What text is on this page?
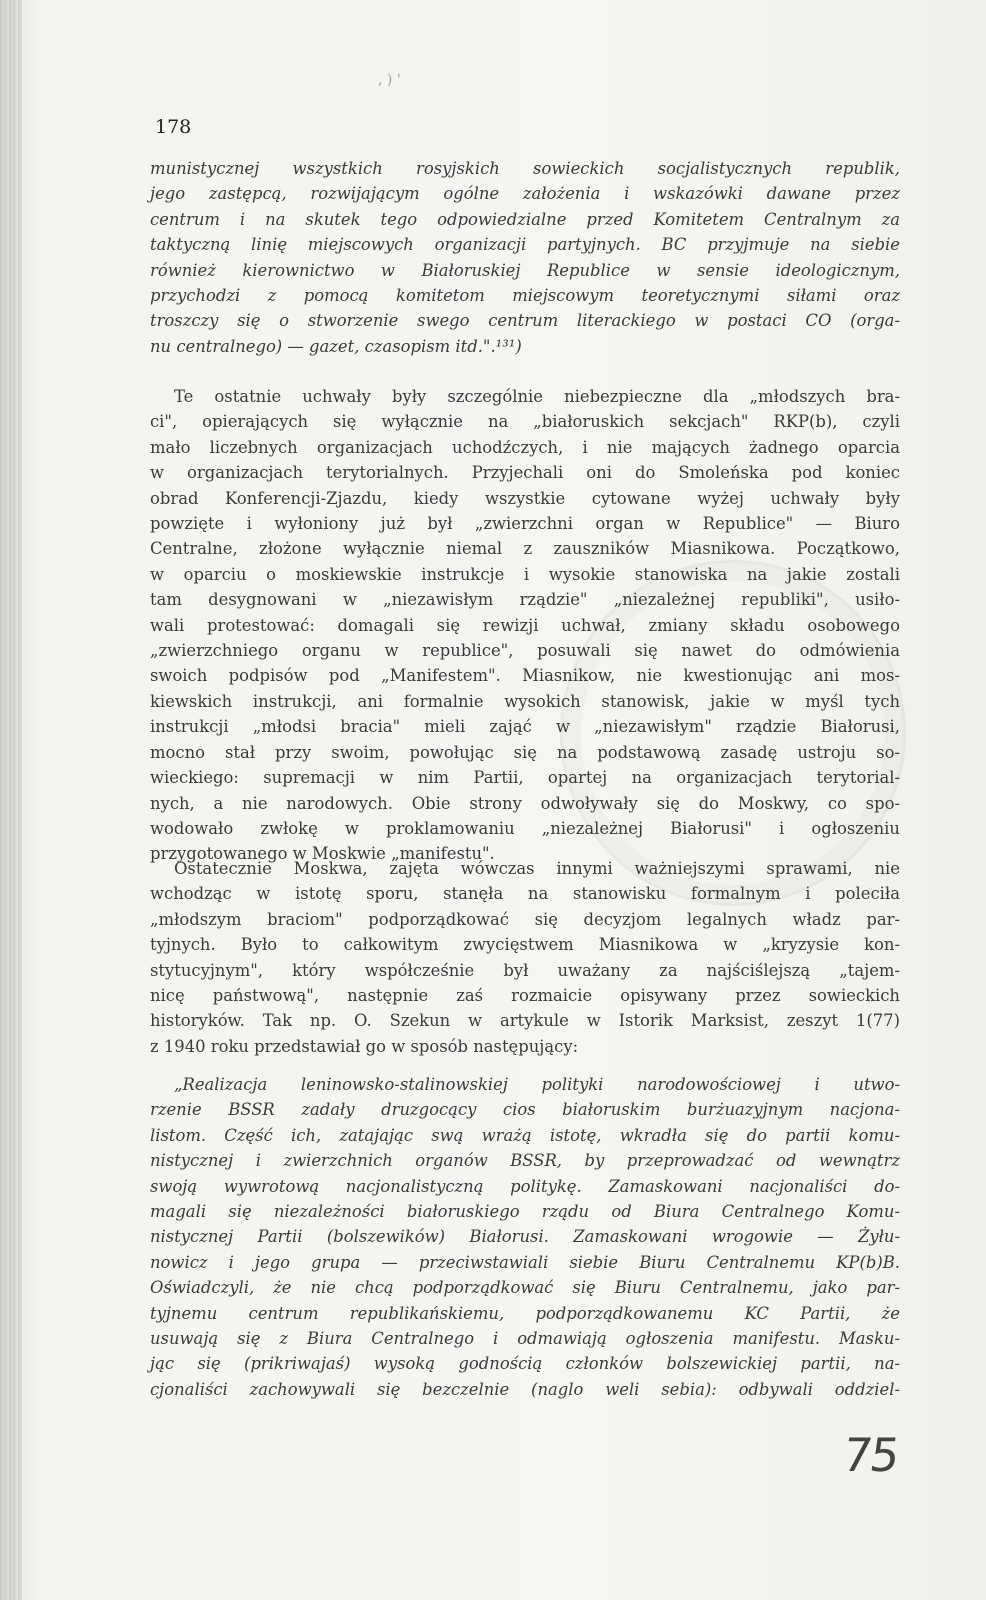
, ) '
178
munistycznej wszystkich rosyjskich sowieckich socjalistycznych republik,
jego zastępcą, rozwijającym ogólne założenia i wskazówki dawane przez
centrum i na skutek tego odpowiedzialne przed Komitetem Centralnym za
taktyczną linię miejscowych organizacji partyjnych. BC przyjmuje na siebie
również kierownictwo w Białoruskiej Republice w sensie ideologicznym,
przychodzi z pomocą komitetom miejscowym teoretycznymi siłami oraz
troszczy się o stworzenie swego centrum literackiego w postaci CO (orga-
nu centralnego) — gazet, czasopism itd.".¹³¹)
Te ostatnie uchwały były szczególnie niebezpieczne dla „młodszych bra-
ci", opierających się wyłącznie na „białoruskich sekcjach" RKP(b), czyli
mało liczebnych organizacjach uchodźczych, i nie mających żadnego oparcia
w organizacjach terytorialnych. Przyjechali oni do Smoleńska pod koniec
obrad Konferencji-Zjazdu, kiedy wszystkie cytowane wyżej uchwały były
powzięte i wyłoniony już był „zwierzchni organ w Republice" — Biuro
Centralne, złożone wyłącznie niemal z zauszników Miasnikowa. Początkowo,
w oparciu o moskiewskie instrukcje i wysokie stanowiska na jakie zostali
tam desygnowani w „niezawisłym rządzie" „niezależnej republiki", usiło-
wali protestować: domagali się rewizji uchwał, zmiany składu osobowego
„zwierzchniego organu w republice", posuwali się nawet do odmówienia
swoich podpisów pod „Manifestem". Miasnikow, nie kwestionując ani mos-
kiewskich instrukcji, ani formalnie wysokich stanowisk, jakie w myśl tych
instrukcji „młodsi bracia" mieli zająć w „niezawisłym" rządzie Białorusi,
mocno stał przy swoim, powołując się na podstawową zasadę ustroju so-
wieckiego: supremacji w nim Partii, opartej na organizacjach terytorial-
nych, a nie narodowych. Obie strony odwoływały się do Moskwy, co spo-
wodowało zwłokę w proklamowaniu „niezależnej Białorusi" i ogłoszeniu
przygotowanego w Moskwie „manifestu".
Ostatecznie Moskwa, zajęta wówczas innymi ważniejszymi sprawami, nie
wchodząc w istotę sporu, stanęła na stanowisku formalnym i poleciła
„młodszym braciom" podporządkować się decyzjom legalnych władz par-
tyjnych. Było to całkowitym zwycięstwem Miasnikowa w „kryzysie kon-
stytucyjnym", który współcześnie był uważany za najściślejszą „tajem-
nicę państwową", następnie zaś rozmaicie opisywany przez sowieckich
historyków. Tak np. O. Szekun w artykule w Istorik Marksist, zeszyt 1(77)
z 1940 roku przedstawiał go w sposób następujący:
„Realizacja leninowsko-stalinowskiej polityki narodowościowej i utwo-
rzenie BSSR zadały druzgocący cios białoruskim burżuazyjnym nacjona-
listom. Część ich, zatajając swą wrażą istotę, wkradła się do partii komu-
nistycznej i zwierzchnich organów BSSR, by przeprowadzać od wewnątrz
swoją wywrotową nacjonalistyczną politykę. Zamaskowani nacjonaliści do-
magali się niezależności białoruskiego rządu od Biura Centralnego Komu-
nistycznej Partii (bolszewików) Białorusi. Zamaskowani wrogowie — Żyłu-
nowicz i jego grupa — przeciwstawiali siebie Biuru Centralnemu KP(b)B.
Oświadczyli, że nie chcą podporządkować się Biuru Centralnemu, jako par-
tyjnemu centrum republikańskiemu, podporządkowanemu KC Partii, że
usuwają się z Biura Centralnego i odmawiają ogłoszenia manifestu. Masku-
jąc się (prikriwajaś) wysoką godnością członków bolszewickiej partii, na-
cjonaliści zachowywali się bezczelnie (naglo weli sebia): odbywali oddziel-
75
